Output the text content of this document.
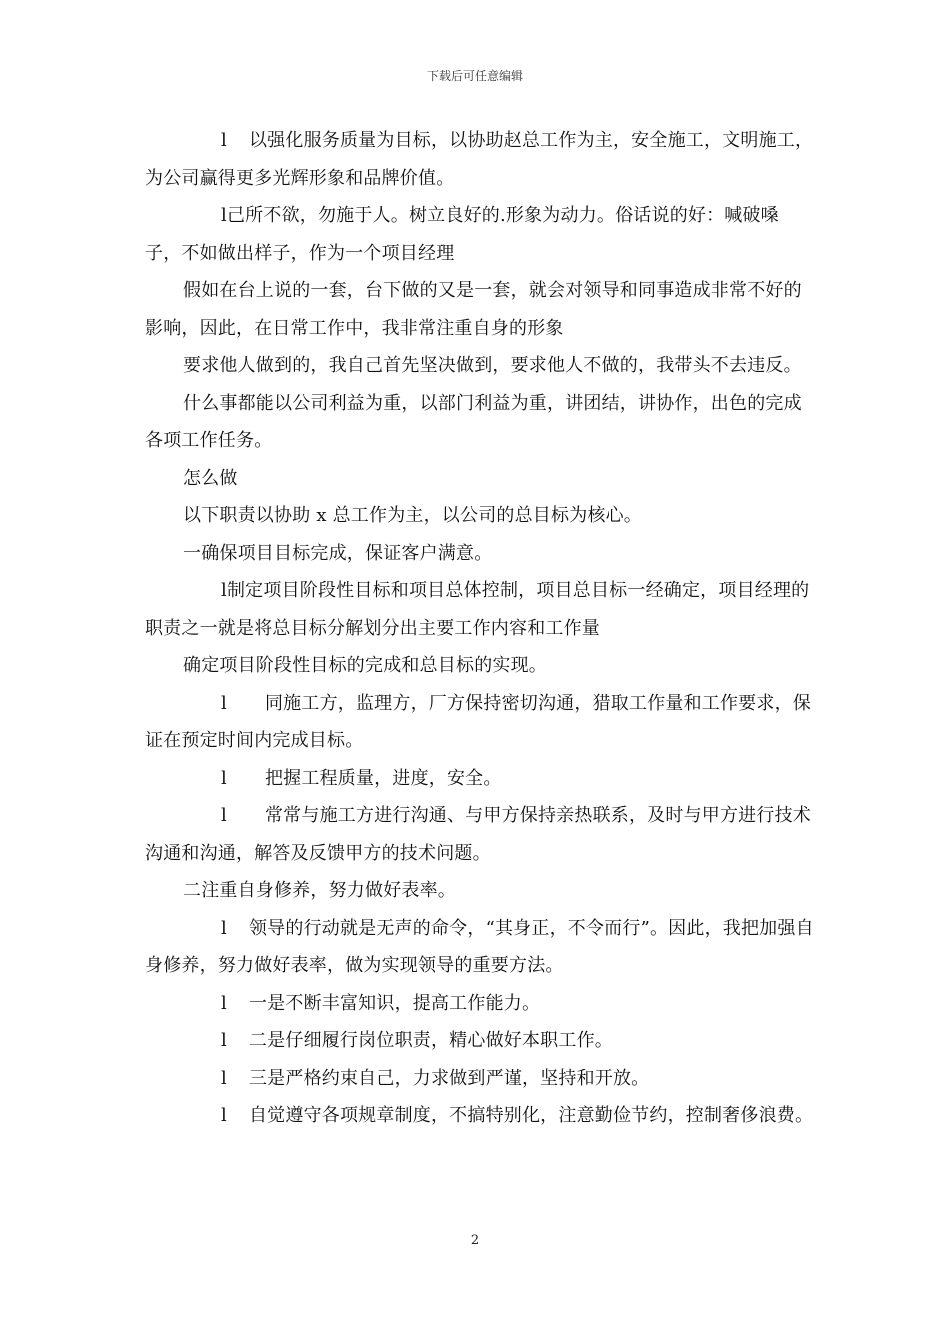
下载后可任意编辑

l 以强化服务质量为目标，以协助赵总工作为主，安全施工，文明施工，为公司赢得更多光辉形象和品牌价值。

l己所不欲，勿施于人。树立良好的.形象为动力。俗话说的好：喊破嗓子，不如做出样子，作为一个项目经理

假如在台上说的一套，台下做的又是一套，就会对领导和同事造成非常不好的影响，因此，在日常工作中，我非常注重自身的形象

要求他人做到的，我自己首先坚决做到，要求他人不做的，我带头不去违反。

什么事都能以公司利益为重，以部门利益为重，讲团结，讲协作，出色的完成各项工作任务。

怎么做

以下职责以协助 x 总工作为主，以公司的总目标为核心。

一确保项目目标完成，保证客户满意。

l制定项目阶段性目标和项目总体控制，项目总目标一经确定，项目经理的职责之一就是将总目标分解划分出主要工作内容和工作量

确定项目阶段性目标的完成和总目标的实现。

l 同施工方，监理方，厂方保持密切沟通，猎取工作量和工作要求，保证在预定时间内完成目标。

l 把握工程质量，进度，安全。

l 常常与施工方进行沟通、与甲方保持亲热联系，及时与甲方进行技术沟通和沟通，解答及反馈甲方的技术问题。

二注重自身修养，努力做好表率。

l 领导的行动就是无声的命令，“其身正，不令而行”。因此，我把加强自身修养，努力做好表率，做为实现领导的重要方法。

l 一是不断丰富知识，提高工作能力。

l 二是仔细履行岗位职责，精心做好本职工作。

l 三是严格约束自己，力求做到严谨，坚持和开放。

l 自觉遵守各项规章制度，不搞特别化，注意勤俭节约，控制奢侈浪费。

2
